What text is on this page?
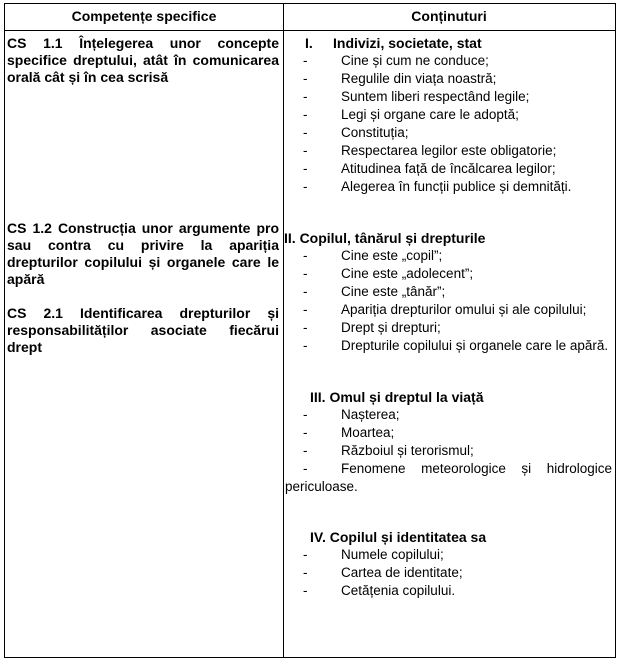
Competențe specifice	Conținuturi
CS 1.1 Înțelegerea unor concepte specifice dreptului, atât în comunicarea orală cât și în cea scrisă
CS 1.2 Construcția unor argumente pro sau contra cu privire la apariția drepturilor copilului și organele care le apără
CS 2.1 Identificarea drepturilor și responsabilităților asociate fiecărui drept
I. Indivizi, societate, stat
- Cine și cum ne conduce;
- Regulile din viața noastră;
- Suntem liberi respectând legile;
- Legi și organe care le adoptă;
- Constituția;
- Respectarea legilor este obligatorie;
- Atitudinea față de încălcarea legilor;
- Alegerea în funcții publice și demnități.
II. Copilul, tânărul și drepturile
- Cine este „copil”;
- Cine este „adolecent”;
- Cine este „tânăr”;
- Apariția drepturilor omului și ale copilului;
- Drept și drepturi;
- Drepturile copilului și organele care le apără.
III. Omul și dreptul la viață
- Nașterea;
- Moartea;
- Războiul și terorismul;
- Fenomene meteorologice și hidrologice periculoase.
IV. Copilul și identitatea sa
- Numele copilului;
- Cartea de identitate;
- Cetățenia copilului.
